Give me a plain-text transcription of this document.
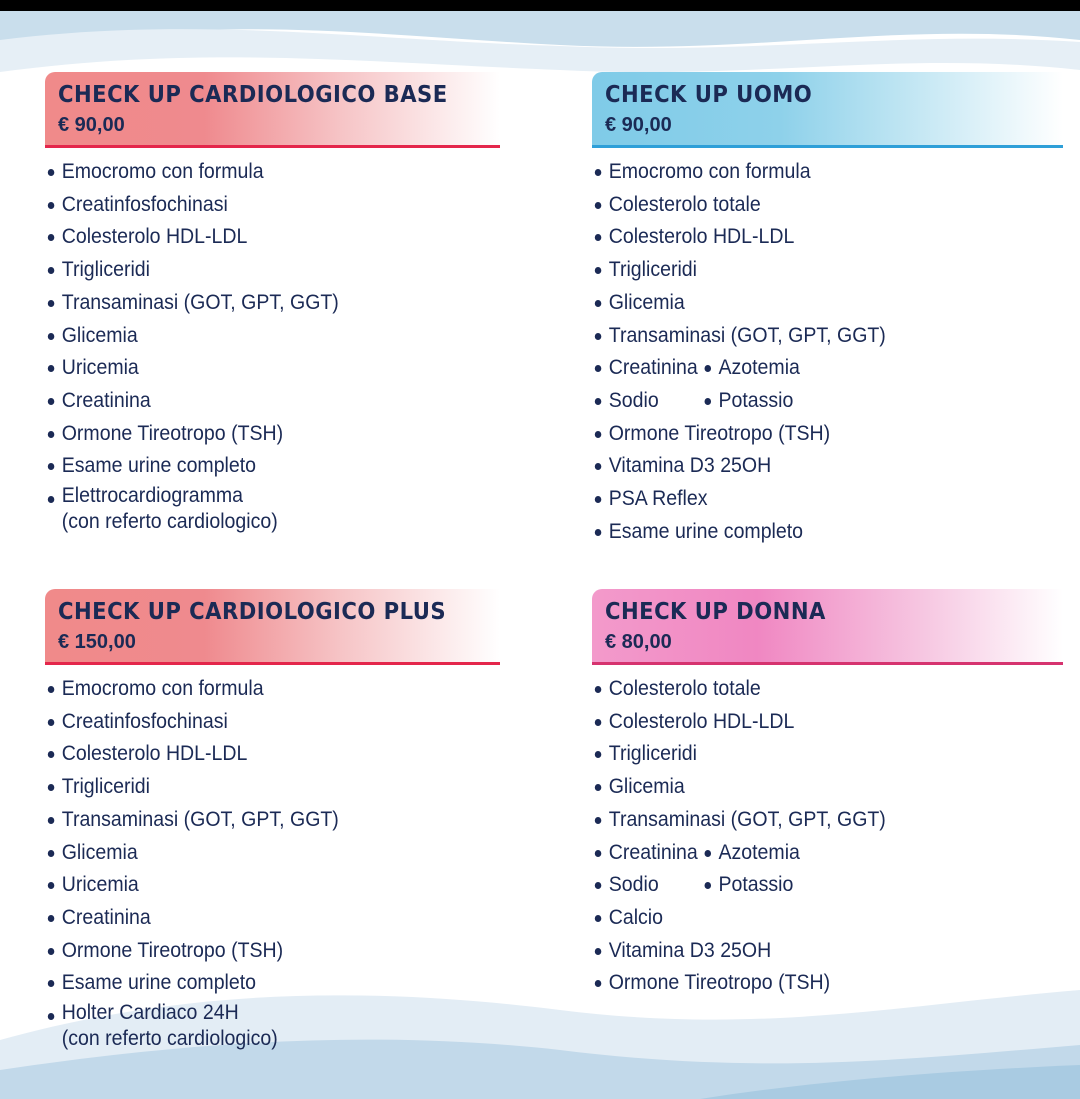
CHECK UP CARDIOLOGICO BASE
€ 90,00
Emocromo con formula
Creatinfosfochinasi
Colesterolo HDL-LDL
Trigliceridi
Transaminasi (GOT, GPT, GGT)
Glicemia
Uricemia
Creatinina
Ormone Tireotropo (TSH)
Esame urine completo
Elettrocardiogramma
(con referto cardiologico)
CHECK UP UOMO
€ 90,00
Emocromo con formula
Colesterolo totale
Colesterolo HDL-LDL
Trigliceridi
Glicemia
Transaminasi (GOT, GPT, GGT)
Creatinina Azotemia
Sodio	Potassio
Ormone Tireotropo (TSH)
Vitamina D3 25OH
PSA Reflex
Esame urine completo
CHECK UP CARDIOLOGICO PLUS
€ 150,00
Emocromo con formula
Creatinfosfochinasi
Colesterolo HDL-LDL
Trigliceridi
Transaminasi (GOT, GPT, GGT)
Glicemia
Uricemia
Creatinina
Ormone Tireotropo (TSH)
Esame urine completo
Holter Cardiaco 24H
(con referto cardiologico)
CHECK UP DONNA
€ 80,00
Colesterolo totale
Colesterolo HDL-LDL
Trigliceridi
Glicemia
Transaminasi (GOT, GPT, GGT)
Creatinina Azotemia
Sodio	Potassio
Calcio
Vitamina D3 25OH
Ormone Tireotropo (TSH)
